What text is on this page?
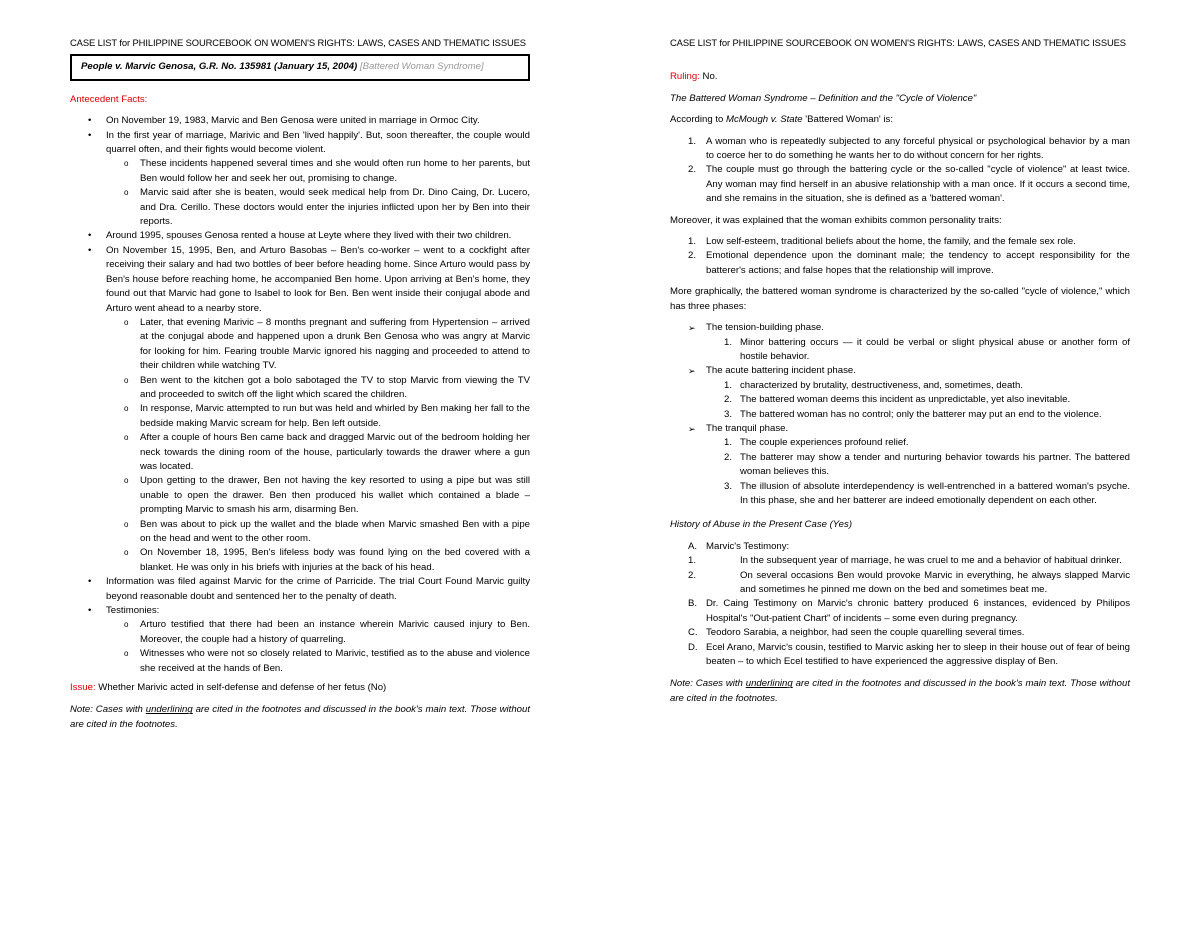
CASE LIST for PHILIPPINE SOURCEBOOK ON WOMEN'S RIGHTS: LAWS, CASES AND THEMATIC ISSUES
People v. Marvic Genosa, G.R. No. 135981 (January 15, 2004) [Battered Woman Syndrome]

Antecedent Facts:

• On November 19, 1983, Marvic and Ben Genosa were united in marriage in Ormoc City.
• In the first year of marriage, Marivic and Ben 'lived happily'. But, soon thereafter, the couple would quarrel often, and their fights would become violent.
o These incidents happened several times and she would often run home to her parents, but Ben would follow her and seek her out, promising to change.
o Marvic said after she is beaten, would seek medical help from Dr. Dino Caing, Dr. Lucero, and Dra. Cerillo. These doctors would enter the injuries inflicted upon her by Ben into their reports.
• Around 1995, spouses Genosa rented a house at Leyte where they lived with their two children.
• On November 15, 1995, Ben, and Arturo Basobas – Ben's co-worker – went to a cockfight after receiving their salary and had two bottles of beer before heading home. Since Arturo would pass by Ben's house before reaching home, he accompanied Ben home. Upon arriving at Ben's home, they found out that Marvic had gone to Isabel to look for Ben. Ben went inside their conjugal abode and Arturo went ahead to a nearby store.
o Later, that evening Marivic – 8 months pregnant and suffering from Hypertension – arrived at the conjugal abode and happened upon a drunk Ben Genosa who was angry at Marvic for looking for him. Fearing trouble Marvic ignored his nagging and proceeded to attend to their children while watching TV.
o Ben went to the kitchen got a bolo sabotaged the TV to stop Marvic from viewing the TV and proceeded to switch off the light which scared the children.
o In response, Marvic attempted to run but was held and whirled by Ben making her fall to the bedside making Marvic scream for help. Ben left outside.
o After a couple of hours Ben came back and dragged Marvic out of the bedroom holding her neck towards the dining room of the house, particularly towards the drawer where a gun was located.
o Upon getting to the drawer, Ben not having the key resorted to using a pipe but was still unable to open the drawer. Ben then produced his wallet which contained a blade – prompting Marvic to smash his arm, disarming Ben.
o Ben was about to pick up the wallet and the blade when Marvic smashed Ben with a pipe on the head and went to the other room.
o On November 18, 1995, Ben's lifeless body was found lying on the bed covered with a blanket. He was only in his briefs with injuries at the back of his head.
• Information was filed against Marvic for the crime of Parricide. The trial Court Found Marvic guilty beyond reasonable doubt and sentenced her to the penalty of death.
• Testimonies:
o Arturo testified that there had been an instance wherein Marivic caused injury to Ben. Moreover, the couple had a history of quarreling.
o Witnesses who were not so closely related to Marivic, testified as to the abuse and violence she received at the hands of Ben.

Issue: Whether Marivic acted in self-defense and defense of her fetus (No)

Note: Cases with underlining are cited in the footnotes and discussed in the book's main text. Those without are cited in the footnotes.

CASE LIST for PHILIPPINE SOURCEBOOK ON WOMEN'S RIGHTS: LAWS, CASES AND THEMATIC ISSUES

Ruling: No.

The Battered Woman Syndrome – Definition and the "Cycle of Violence"

According to McMough v. State 'Battered Woman' is:

1. A woman who is repeatedly subjected to any forceful physical or psychological behavior by a man to coerce her to do something he wants her to do without concern for her rights.
2. The couple must go through the battering cycle or the so-called "cycle of violence" at least twice. Any woman may find herself in an abusive relationship with a man once. If it occurs a second time, and she remains in the situation, she is defined as a 'battered woman'.

Moreover, it was explained that the woman exhibits common personality traits:

1. Low self-esteem, traditional beliefs about the home, the family, and the female sex role.
2. Emotional dependence upon the dominant male; the tendency to accept responsibility for the batterer's actions; and false hopes that the relationship will improve.

More graphically, the battered woman syndrome is characterized by the so-called "cycle of violence," which has three phases:

➢ The tension-building phase.
1. Minor battering occurs — it could be verbal or slight physical abuse or another form of hostile behavior.
➢ The acute battering incident phase.
1. characterized by brutality, destructiveness, and, sometimes, death.
2. The battered woman deems this incident as unpredictable, yet also inevitable.
3. The battered woman has no control; only the batterer may put an end to the violence.
➢ The tranquil phase.
1. The couple experiences profound relief.
2. The batterer may show a tender and nurturing behavior towards his partner. The battered woman believes this.
3. The illusion of absolute interdependency is well-entrenched in a battered woman's psyche. In this phase, she and her batterer are indeed emotionally dependent on each other.

History of Abuse in the Present Case (Yes)

A. Marvic's Testimony:
1.	In the subsequent year of marriage, he was cruel to me and a behavior of habitual drinker.
2.	On several occasions Ben would provoke Marvic in everything, he always slapped Marvic and sometimes he pinned me down on the bed and sometimes beat me.
B. Dr. Caing Testimony on Marvic's chronic battery produced 6 instances, evidenced by Philipos Hospital's "Out-patient Chart" of incidents – some even during pregnancy.
C. Teodoro Sarabia, a neighbor, had seen the couple quarelling several times.
D. Ecel Arano, Marvic's cousin, testified to Marvic asking her to sleep in their house out of fear of being beaten – to which Ecel testified to have experienced the aggressive display of Ben.

Note: Cases with underlining are cited in the footnotes and discussed in the book's main text. Those without are cited in the footnotes.
